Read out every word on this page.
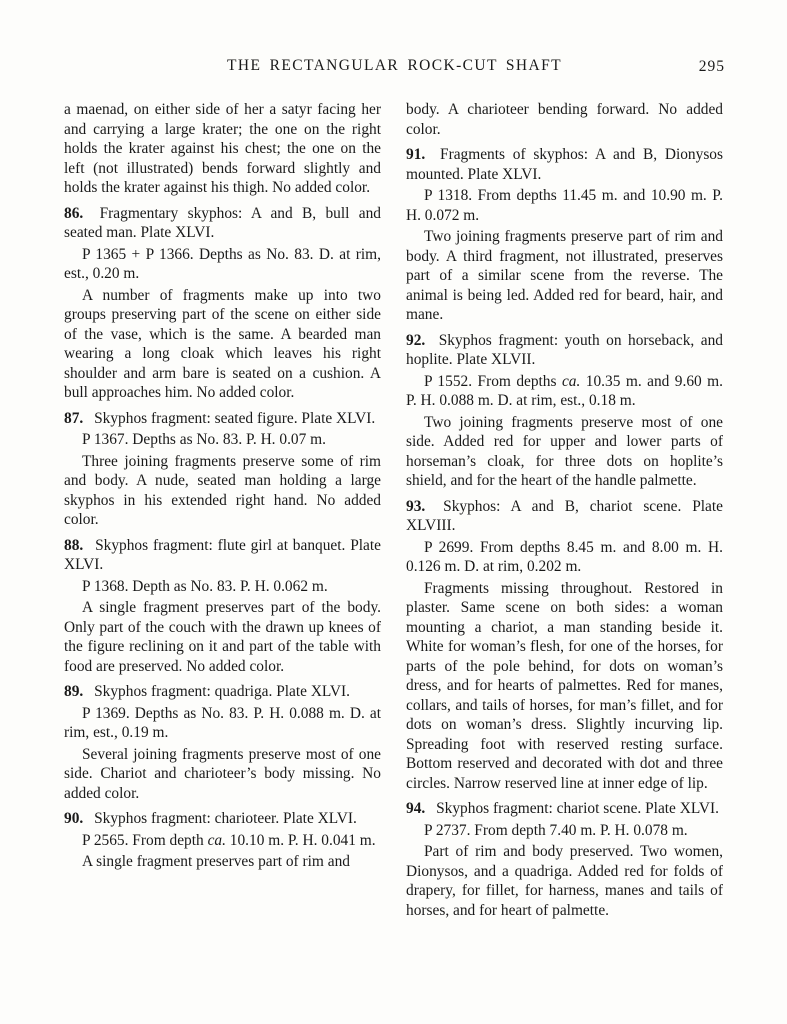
THE RECTANGULAR ROCK-CUT SHAFT	295

a maenad, on either side of her a satyr facing her and carrying a large krater; the one on the right holds the krater against his chest; the one on the left (not illustrated) bends forward slightly and holds the krater against his thigh. No added color.

86. Fragmentary skyphos: A and B, bull and seated man. Plate XLVI.

P 1365 + P 1366. Depths as No. 83. D. at rim, est., 0.20 m.

A number of fragments make up into two groups preserving part of the scene on either side of the vase, which is the same. A bearded man wearing a long cloak which leaves his right shoulder and arm bare is seated on a cushion. A bull approaches him. No added color.

87. Skyphos fragment: seated figure. Plate XLVI.

P 1367. Depths as No. 83. P. H. 0.07 m.

Three joining fragments preserve some of rim and body. A nude, seated man holding a large skyphos in his extended right hand. No added color.

88. Skyphos fragment: flute girl at banquet. Plate XLVI.

P 1368. Depth as No. 83. P. H. 0.062 m.

A single fragment preserves part of the body. Only part of the couch with the drawn up knees of the figure reclining on it and part of the table with food are preserved. No added color.

89. Skyphos fragment: quadriga. Plate XLVI.

P 1369. Depths as No. 83. P. H. 0.088 m. D. at rim, est., 0.19 m.

Several joining fragments preserve most of one side. Chariot and charioteer’s body missing. No added color.

90. Skyphos fragment: charioteer. Plate XLVI.

P 2565. From depth ca. 10.10 m. P. H. 0.041 m.

A single fragment preserves part of rim and

body. A charioteer bending forward. No added color.

91. Fragments of skyphos: A and B, Dionysos mounted. Plate XLVI.

P 1318. From depths 11.45 m. and 10.90 m. P. H. 0.072 m.

Two joining fragments preserve part of rim and body. A third fragment, not illustrated, preserves part of a similar scene from the reverse. The animal is being led. Added red for beard, hair, and mane.

92. Skyphos fragment: youth on horseback, and hoplite. Plate XLVII.

P 1552. From depths ca. 10.35 m. and 9.60 m. P. H. 0.088 m. D. at rim, est., 0.18 m.

Two joining fragments preserve most of one side. Added red for upper and lower parts of horseman’s cloak, for three dots on hoplite’s shield, and for the heart of the handle palmette.

93. Skyphos: A and B, chariot scene. Plate XLVIII.

P 2699. From depths 8.45 m. and 8.00 m. H. 0.126 m. D. at rim, 0.202 m.

Fragments missing throughout. Restored in plaster. Same scene on both sides: a woman mounting a chariot, a man standing beside it. White for woman’s flesh, for one of the horses, for parts of the pole behind, for dots on woman’s dress, and for hearts of palmettes. Red for manes, collars, and tails of horses, for man’s fillet, and for dots on woman’s dress. Slightly incurving lip. Spreading foot with reserved resting surface. Bottom reserved and decorated with dot and three circles. Narrow reserved line at inner edge of lip.

94. Skyphos fragment: chariot scene. Plate XLVI.

P 2737. From depth 7.40 m. P. H. 0.078 m.

Part of rim and body preserved. Two women, Dionysos, and a quadriga. Added red for folds of drapery, for fillet, for harness, manes and tails of horses, and for heart of palmette.
